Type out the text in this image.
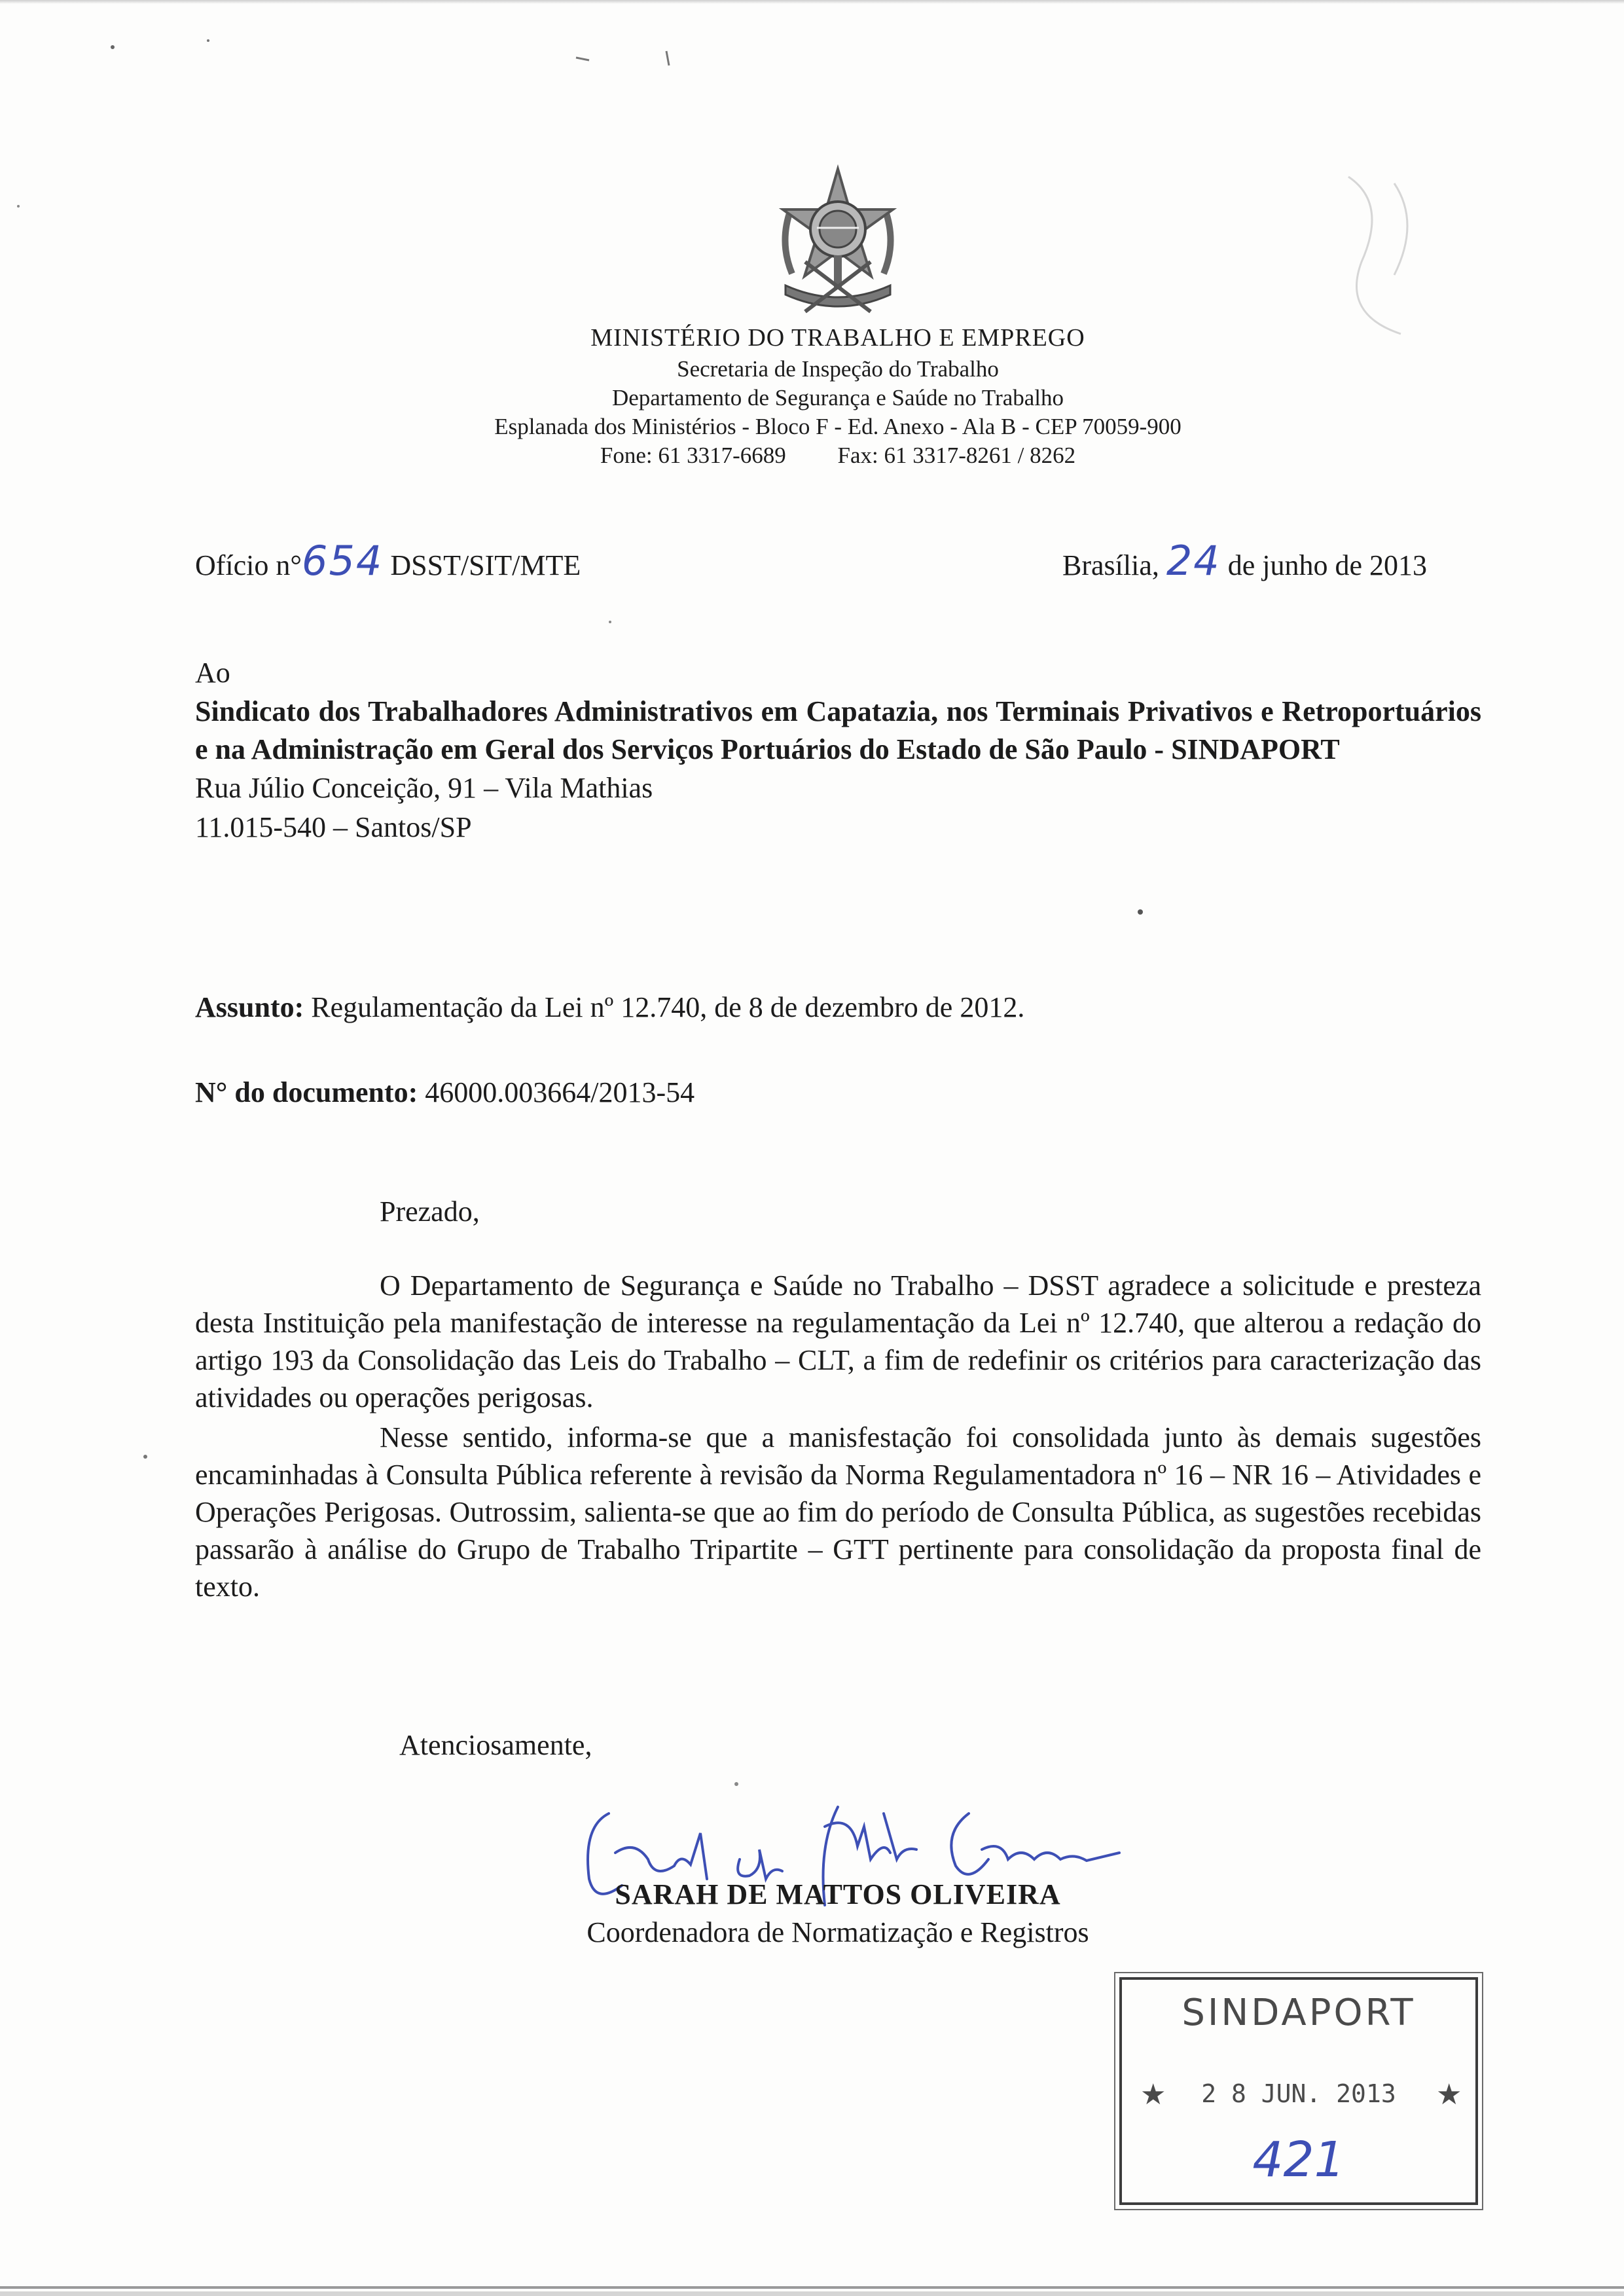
MINISTÉRIO DO TRABALHO E EMPREGO
Secretaria de Inspeção do Trabalho
Departamento de Segurança e Saúde no Trabalho
Esplanada dos Ministérios - Bloco F - Ed. Anexo - Ala B - CEP 70059-900
Fone: 61 3317-6689 Fax: 61 3317-8261 / 8262
Ofício n°654 DSST/SIT/MTE	Brasília, 24 de junho de 2013
Ao
Sindicato dos Trabalhadores Administrativos em Capatazia, nos Terminais Privativos e Retroportuários e na Administração em Geral dos Serviços Portuários do Estado de São Paulo - SINDAPORT
Rua Júlio Conceição, 91 – Vila Mathias
11.015-540 – Santos/SP
Assunto: Regulamentação da Lei nº 12.740, de 8 de dezembro de 2012.
N° do documento: 46000.003664/2013-54
Prezado,

O Departamento de Segurança e Saúde no Trabalho – DSST agradece a solicitude e presteza desta Instituição pela manifestação de interesse na regulamentação da Lei nº 12.740, que alterou a redação do artigo 193 da Consolidação das Leis do Trabalho – CLT, a fim de redefinir os critérios para caracterização das atividades ou operações perigosas.

Nesse sentido, informa-se que a manisfestação foi consolidada junto às demais sugestões encaminhadas à Consulta Pública referente à revisão da Norma Regulamentadora nº 16 – NR 16 – Atividades e Operações Perigosas. Outrossim, salienta-se que ao fim do período de Consulta Pública, as sugestões recebidas passarão à análise do Grupo de Trabalho Tripartite – GTT pertinente para consolidação da proposta final de texto.

Atenciosamente,
SARAH DE MATTOS OLIVEIRA
Coordenadora de Normatização e Registros
SINDAPORT
★	2 8 JUN. 2013	★
421
